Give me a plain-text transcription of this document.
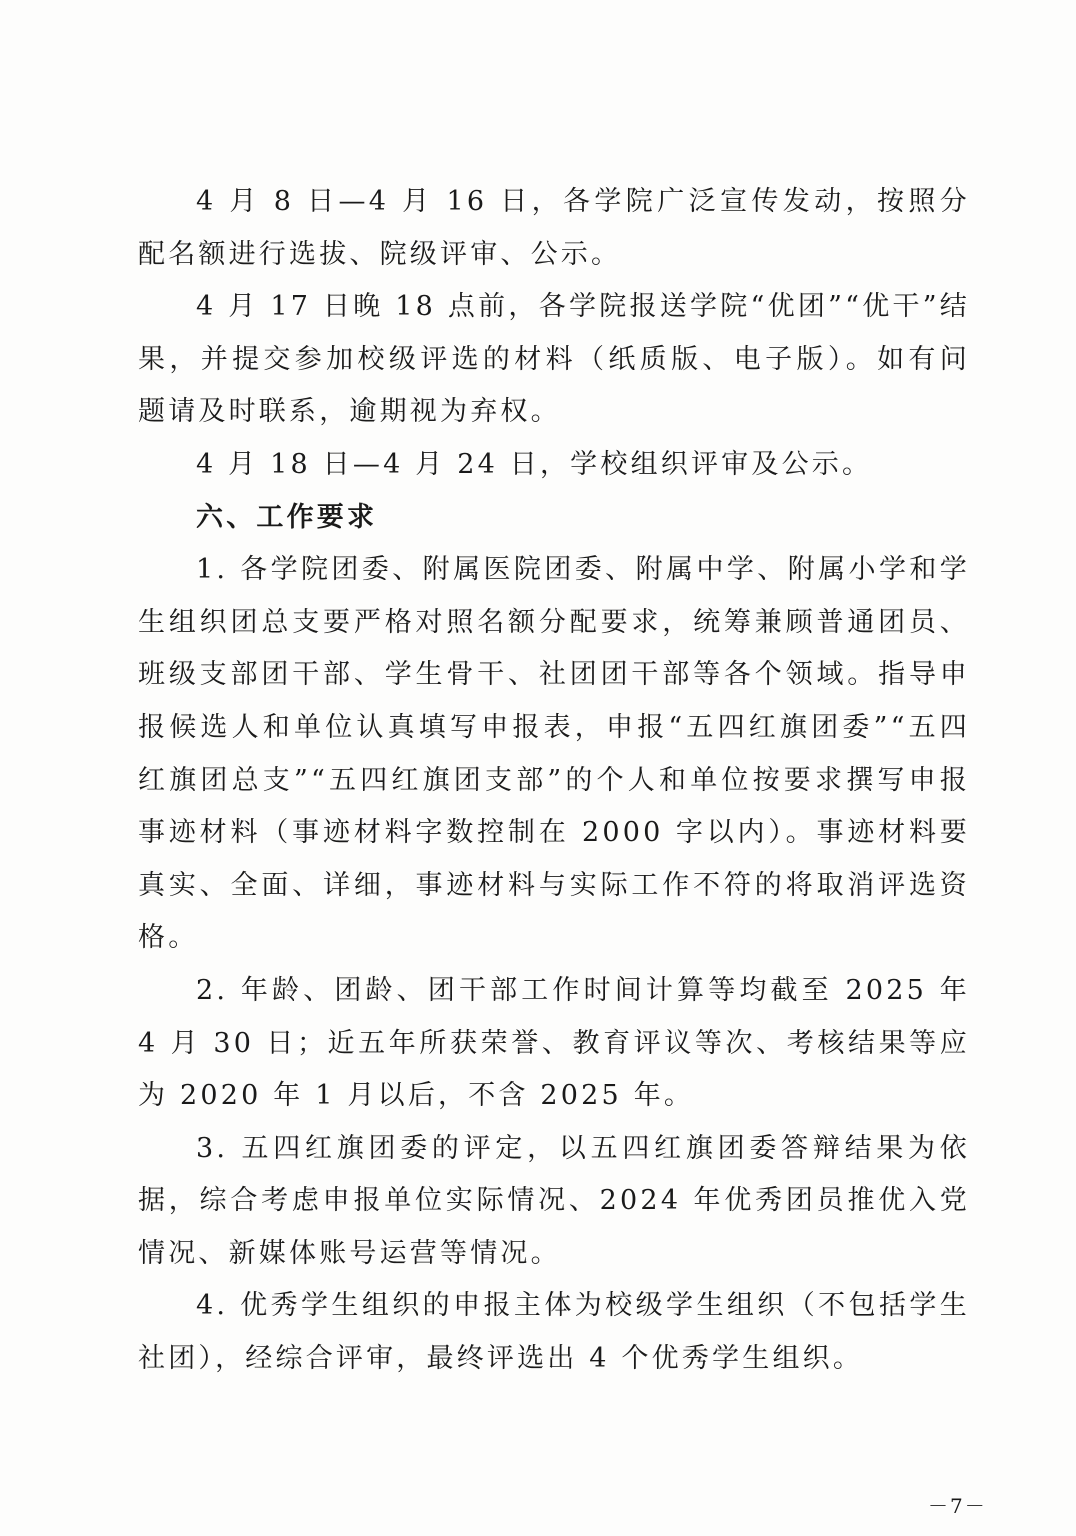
4 月 8 日—4 月 16 日，各学院广泛宣传发动，按照分配名额进行选拔、院级评审、公示。

4 月 17 日晚 18 点前，各学院报送学院“优团”“优干”结果，并提交参加校级评选的材料（纸质版、电子版）。如有问题请及时联系，逾期视为弃权。

4 月 18 日—4 月 24 日，学校组织评审及公示。

六、工作要求

1. 各学院团委、附属医院团委、附属中学、附属小学和学生组织团总支要严格对照名额分配要求，统筹兼顾普通团员、班级支部团干部、学生骨干、社团团干部等各个领域。指导申报候选人和单位认真填写申报表，申报“五四红旗团委”“五四红旗团总支”“五四红旗团支部”的个人和单位按要求撰写申报事迹材料（事迹材料字数控制在 2000 字以内）。事迹材料要真实、全面、详细，事迹材料与实际工作不符的将取消评选资格。

2. 年龄、团龄、团干部工作时间计算等均截至 2025 年 4 月 30 日；近五年所获荣誉、教育评议等次、考核结果等应为 2020 年 1 月以后，不含 2025 年。

3. 五四红旗团委的评定，以五四红旗团委答辩结果为依据，综合考虑申报单位实际情况、2024 年优秀团员推优入党情况、新媒体账号运营等情况。

4. 优秀学生组织的申报主体为校级学生组织（不包括学生社团），经综合评审，最终评选出 4 个优秀学生组织。

－7－
